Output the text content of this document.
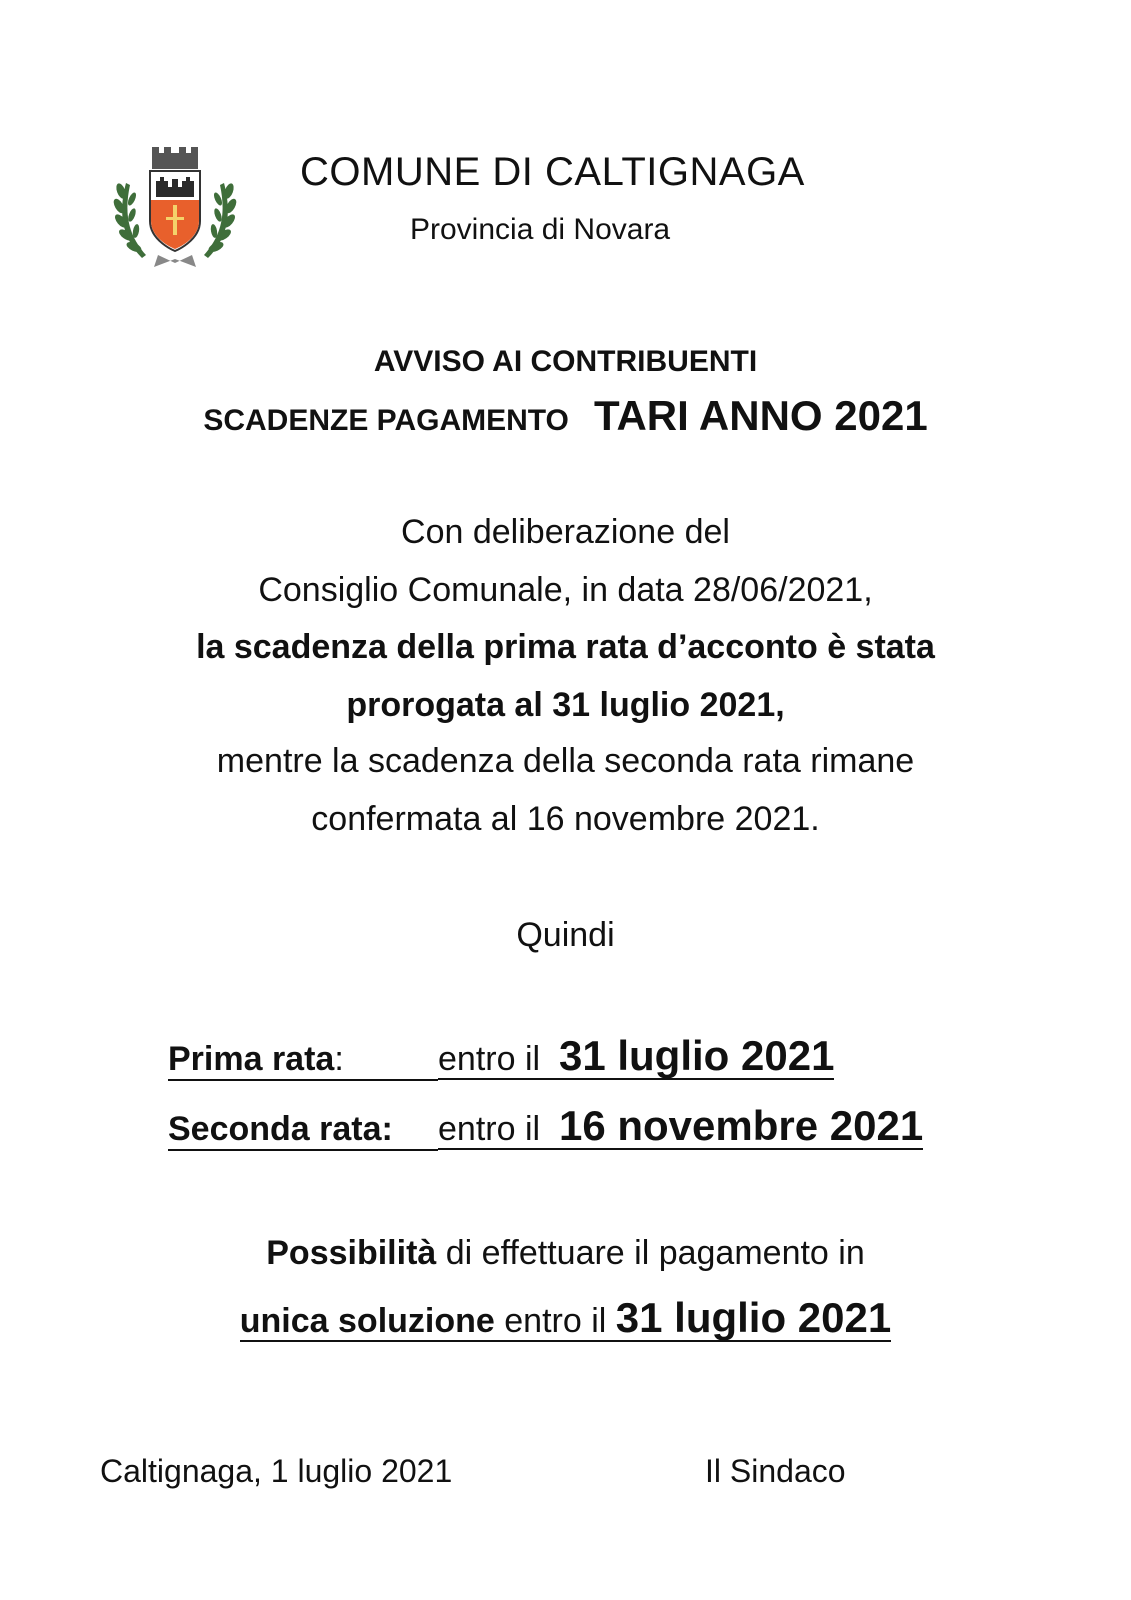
COMUNE DI CALTIGNAGA
Provincia di Novara
AVVISO AI CONTRIBUENTI
SCADENZE PAGAMENTO TARI ANNO 2021
Con deliberazione del
Consiglio Comunale, in data 28/06/2021,
la scadenza della prima rata d’acconto è stata
prorogata al 31 luglio 2021,
mentre la scadenza della seconda rata rimane
confermata al 16 novembre 2021.
Quindi
Prima rata:	entro il 31 luglio 2021
Seconda rata: entro il 16 novembre 2021
Possibilità di effettuare il pagamento in
unica soluzione entro il 31 luglio 2021
Caltignaga, 1 luglio 2021	Il Sindaco
